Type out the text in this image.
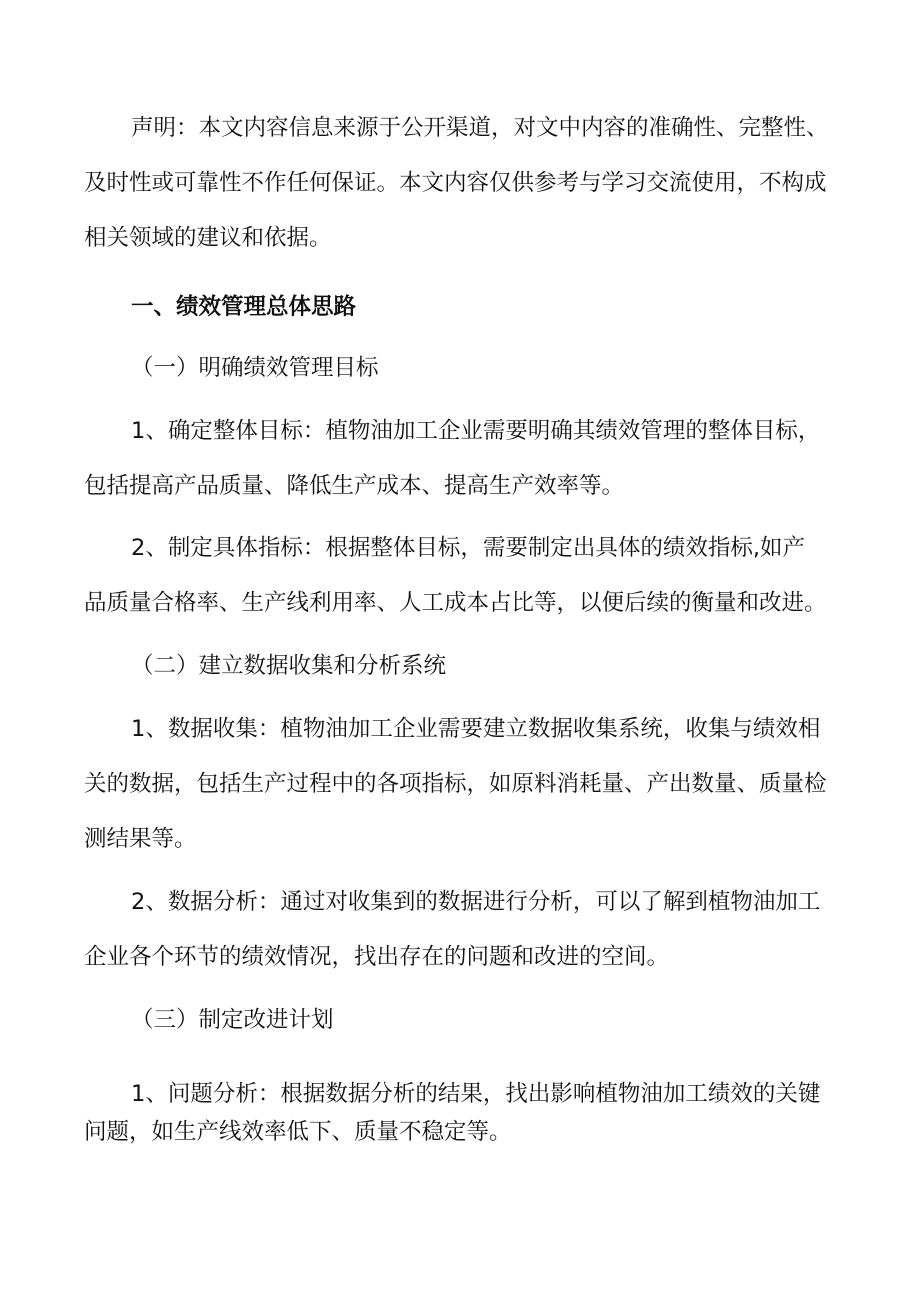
声明：本文内容信息来源于公开渠道，对文中内容的准确性、完整性、
及时性或可靠性不作任何保证。本文内容仅供参考与学习交流使用，不构成
相关领域的建议和依据。
一、绩效管理总体思路
（一）明确绩效管理目标
1、确定整体目标：植物油加工企业需要明确其绩效管理的整体目标，
包括提高产品质量、降低生产成本、提高生产效率等。
2、制定具体指标：根据整体目标，需要制定出具体的绩效指标,如产
品质量合格率、生产线利用率、人工成本占比等，以便后续的衡量和改进。
（二）建立数据收集和分析系统
1、数据收集：植物油加工企业需要建立数据收集系统，收集与绩效相
关的数据，包括生产过程中的各项指标，如原料消耗量、产出数量、质量检
测结果等。
2、数据分析：通过对收集到的数据进行分析，可以了解到植物油加工
企业各个环节的绩效情况，找出存在的问题和改进的空间。
（三）制定改进计划
1、问题分析：根据数据分析的结果，找出影响植物油加工绩效的关键
问题，如生产线效率低下、质量不稳定等。
